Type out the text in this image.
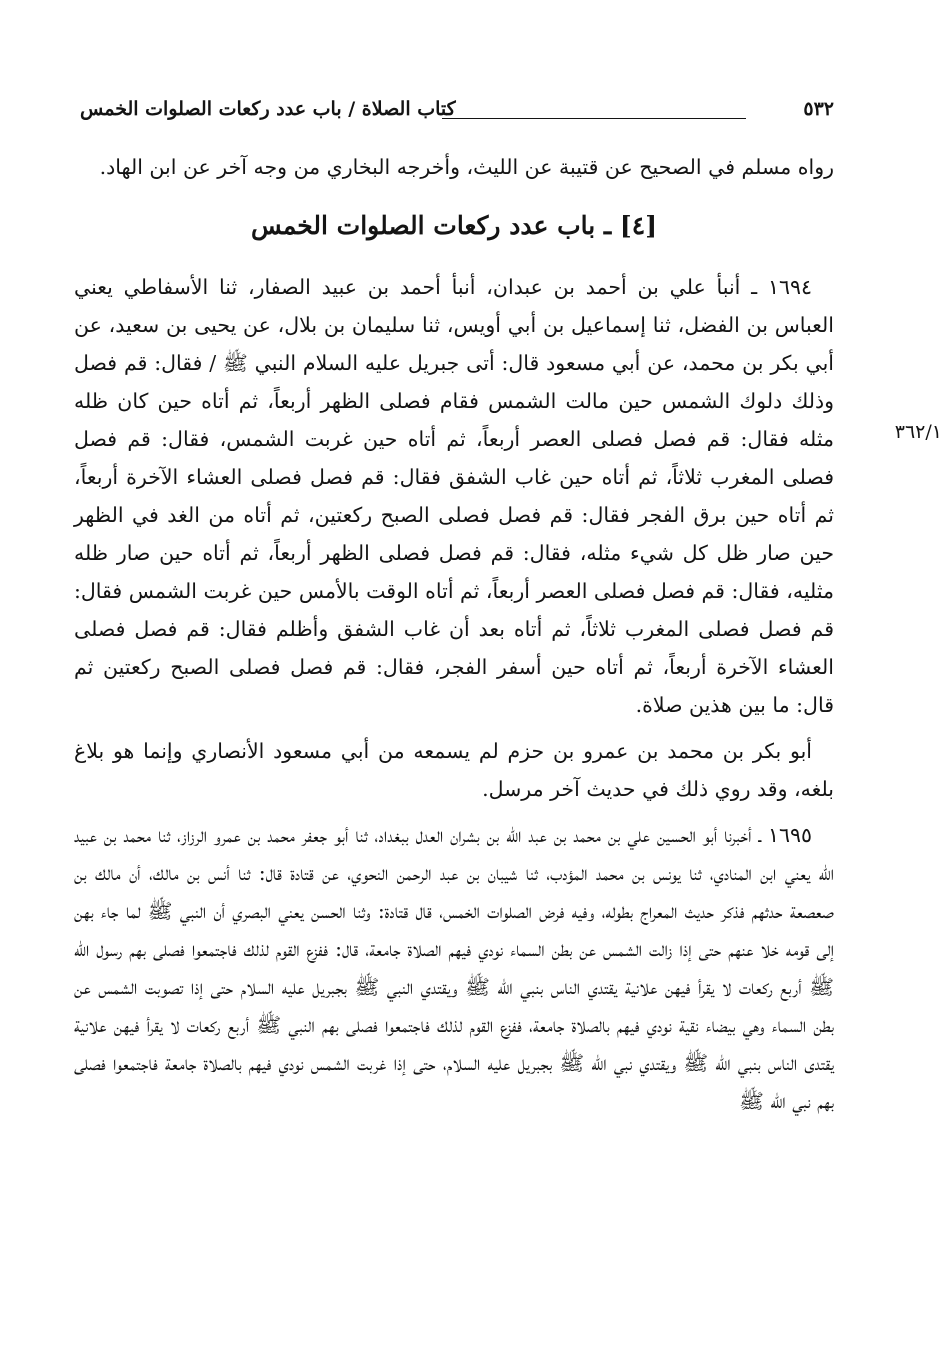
٥٣٢
كتاب الصلاة / باب عدد ركعات الصلوات الخمس
٣٦٢/١

رواه مسلم في الصحيح عن قتيبة عن الليث، وأخرجه البخاري من وجه آخر عن ابن الهاد.

[٤] ـ باب عدد ركعات الصلوات الخمس

١٦٩٤ ـ أنبأ علي بن أحمد بن عبدان، أنبأ أحمد بن عبيد الصفار، ثنا الأسفاطي يعني العباس بن الفضل، ثنا إسماعيل بن أبي أويس، ثنا سليمان بن بلال، عن يحيى بن سعيد، عن أبي بكر بن محمد، عن أبي مسعود قال: أتى جبريل عليه السلام النبي ﷺ / فقال: قم فصل وذلك دلوك الشمس حين مالت الشمس فقام فصلى الظهر أربعاً، ثم أتاه حين كان ظله مثله فقال: قم فصل فصلى العصر أربعاً، ثم أتاه حين غربت الشمس، فقال: قم فصل فصلى المغرب ثلاثاً، ثم أتاه حين غاب الشفق فقال: قم فصل فصلى العشاء الآخرة أربعاً، ثم أتاه حين برق الفجر فقال: قم فصل فصلى الصبح ركعتين، ثم أتاه من الغد في الظهر حين صار ظل كل شيء مثله، فقال: قم فصل فصلى الظهر أربعاً، ثم أتاه حين صار ظله مثليه، فقال: قم فصل فصلى العصر أربعاً، ثم أتاه الوقت بالأمس حين غربت الشمس فقال: قم فصل فصلى المغرب ثلاثاً، ثم أتاه بعد أن غاب الشفق وأظلم فقال: قم فصل فصلى العشاء الآخرة أربعاً، ثم أتاه حين أسفر الفجر، فقال: قم فصل فصلى الصبح ركعتين ثم قال: ما بين هذين صلاة.

أبو بكر بن محمد بن عمرو بن حزم لم يسمعه من أبي مسعود الأنصاري وإنما هو بلاغ بلغه، وقد روي ذلك في حديث آخر مرسل.

١٦٩٥ ـ أخبرنا أبو الحسين علي بن محمد بن عبد الله بن بشران العدل ببغداد، ثنا أبو جعفر محمد بن عمرو الرزاز، ثنا محمد بن عبيد الله يعني ابن المنادي، ثنا يونس بن محمد المؤدب، ثنا شيبان بن عبد الرحمن النحوي، عن قتادة قال: ثنا أنس بن مالك، أن مالك بن صعصعة حدثهم فذكر حديث المعراج بطوله، وفيه فرض الصلوات الخمس، قال قتادة: وثنا الحسن يعني البصري أن النبي ﷺ لما جاء بهن إلى قومه خلا عنهم حتى إذا زالت الشمس عن بطن السماء نودي فيهم الصلاة جامعة، قال: ففزع القوم لذلك فاجتمعوا فصلى بهم رسول الله ﷺ أربع ركعات لا يقرأ فيهن علانية يقتدي الناس بنبي الله ﷺ ويقتدي النبي ﷺ بجبريل عليه السلام حتى إذا تصوبت الشمس عن بطن السماء وهي بيضاء نقية نودي فيهم بالصلاة جامعة، ففزع القوم لذلك فاجتمعوا فصلى بهم النبي ﷺ أربع ركعات لا يقرأ فيهن علانية يقتدى الناس بنبي الله ﷺ ويقتدي نبي الله ﷺ بجبريل عليه السلام، حتى إذا غربت الشمس نودي فيهم بالصلاة جامعة فاجتمعوا فصلى بهم نبي الله ﷺ
